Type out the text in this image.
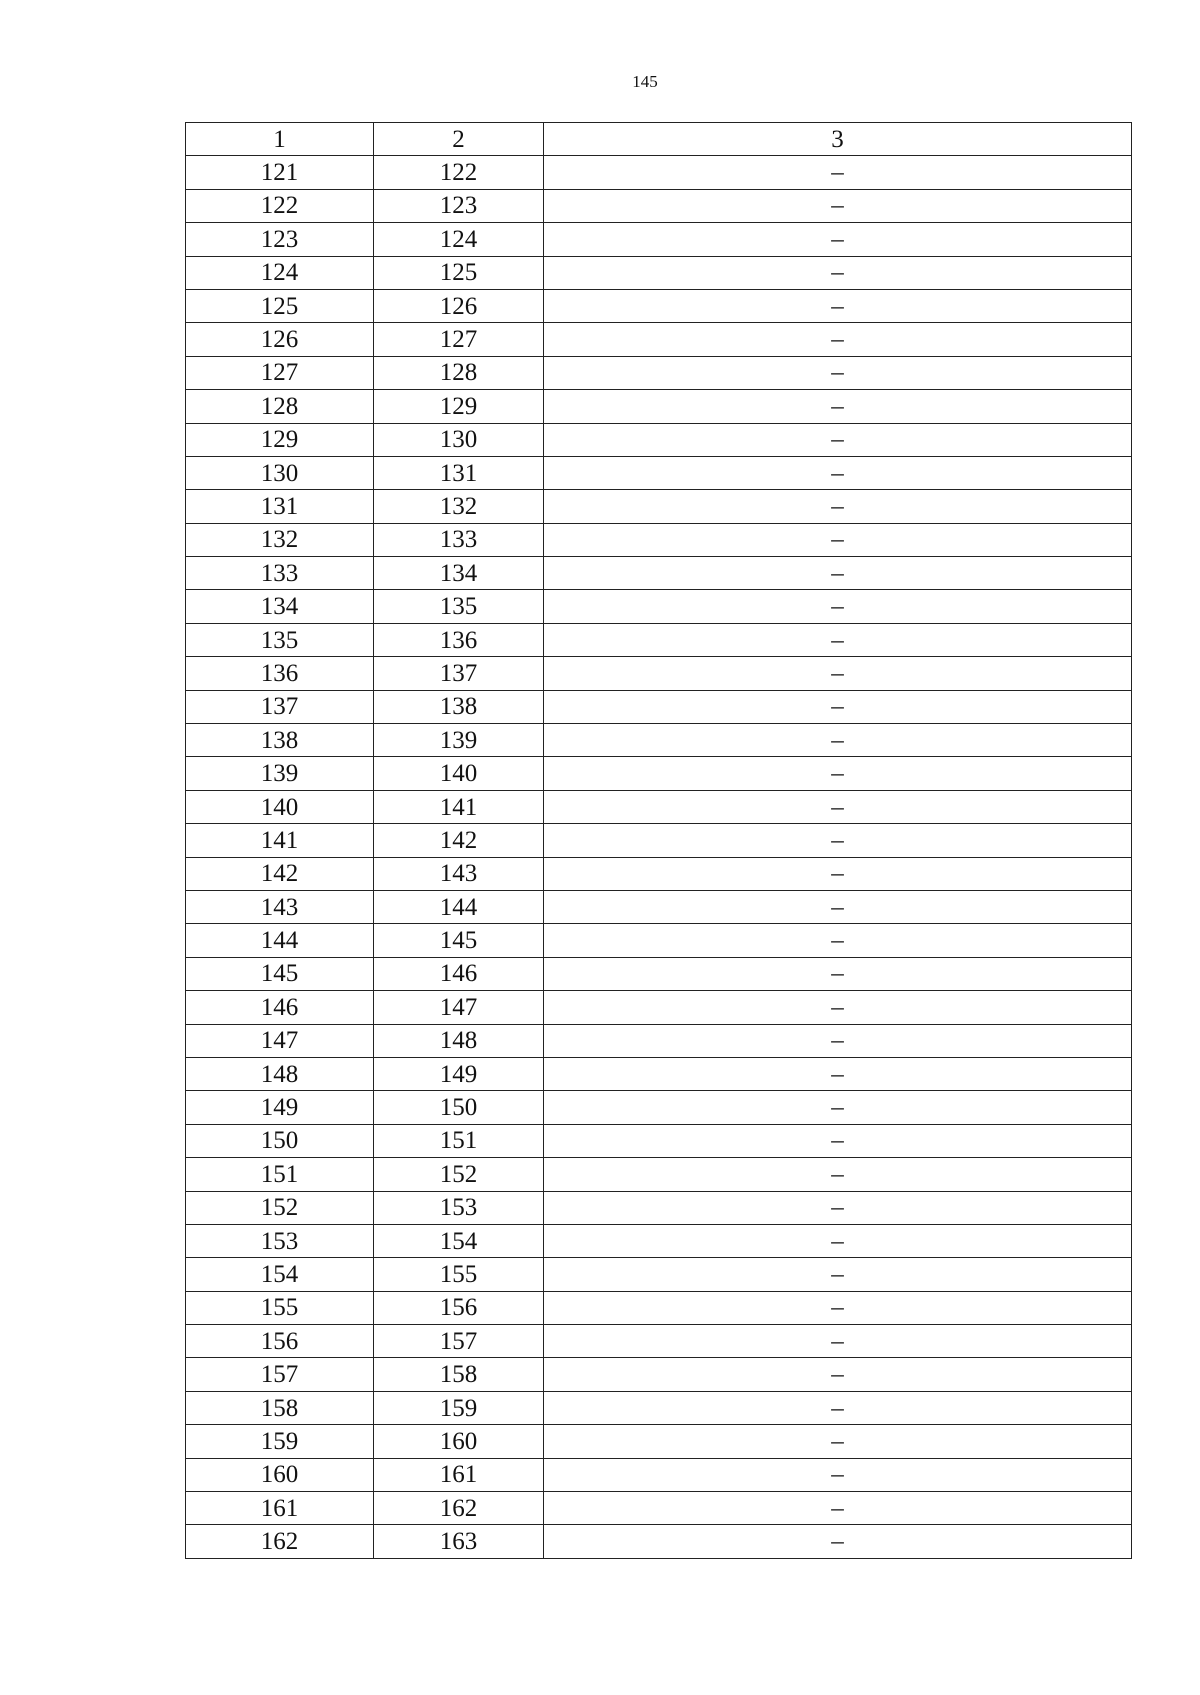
145
1	2	3
121	122	–
122	123	–
123	124	–
124	125	–
125	126	–
126	127	–
127	128	–
128	129	–
129	130	–
130	131	–
131	132	–
132	133	–
133	134	–
134	135	–
135	136	–
136	137	–
137	138	–
138	139	–
139	140	–
140	141	–
141	142	–
142	143	–
143	144	–
144	145	–
145	146	–
146	147	–
147	148	–
148	149	–
149	150	–
150	151	–
151	152	–
152	153	–
153	154	–
154	155	–
155	156	–
156	157	–
157	158	–
158	159	–
159	160	–
160	161	–
161	162	–
162	163	–
